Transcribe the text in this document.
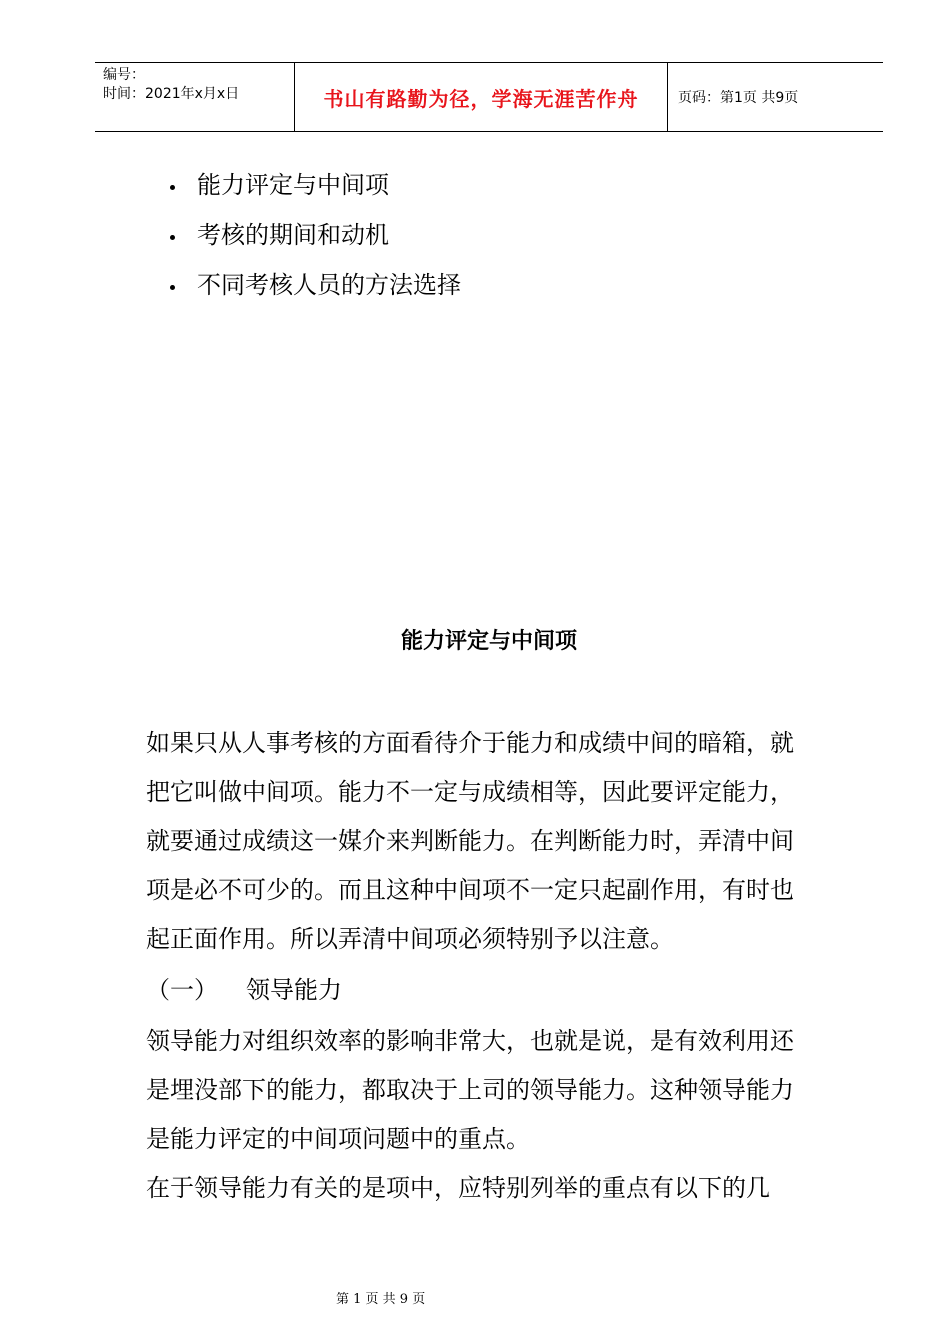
编号：
时间：2021年x月x日	书山有路勤为径，学海无涯苦作舟	页码：第1页 共9页
能力评定与中间项
考核的期间和动机
不同考核人员的方法选择
能力评定与中间项
如果只从人事考核的方面看待介于能力和成绩中间的暗箱，就
把它叫做中间项。能力不一定与成绩相等，因此要评定能力，
就要通过成绩这一媒介来判断能力。在判断能力时，弄清中间
项是必不可少的。而且这种中间项不一定只起副作用，有时也
起正面作用。所以弄清中间项必须特别予以注意。
（一） 领导能力
领导能力对组织效率的影响非常大，也就是说，是有效利用还
是埋没部下的能力，都取决于上司的领导能力。这种领导能力
是能力评定的中间项问题中的重点。
在于领导能力有关的是项中，应特别列举的重点有以下的几
第 1 页 共 9 页
